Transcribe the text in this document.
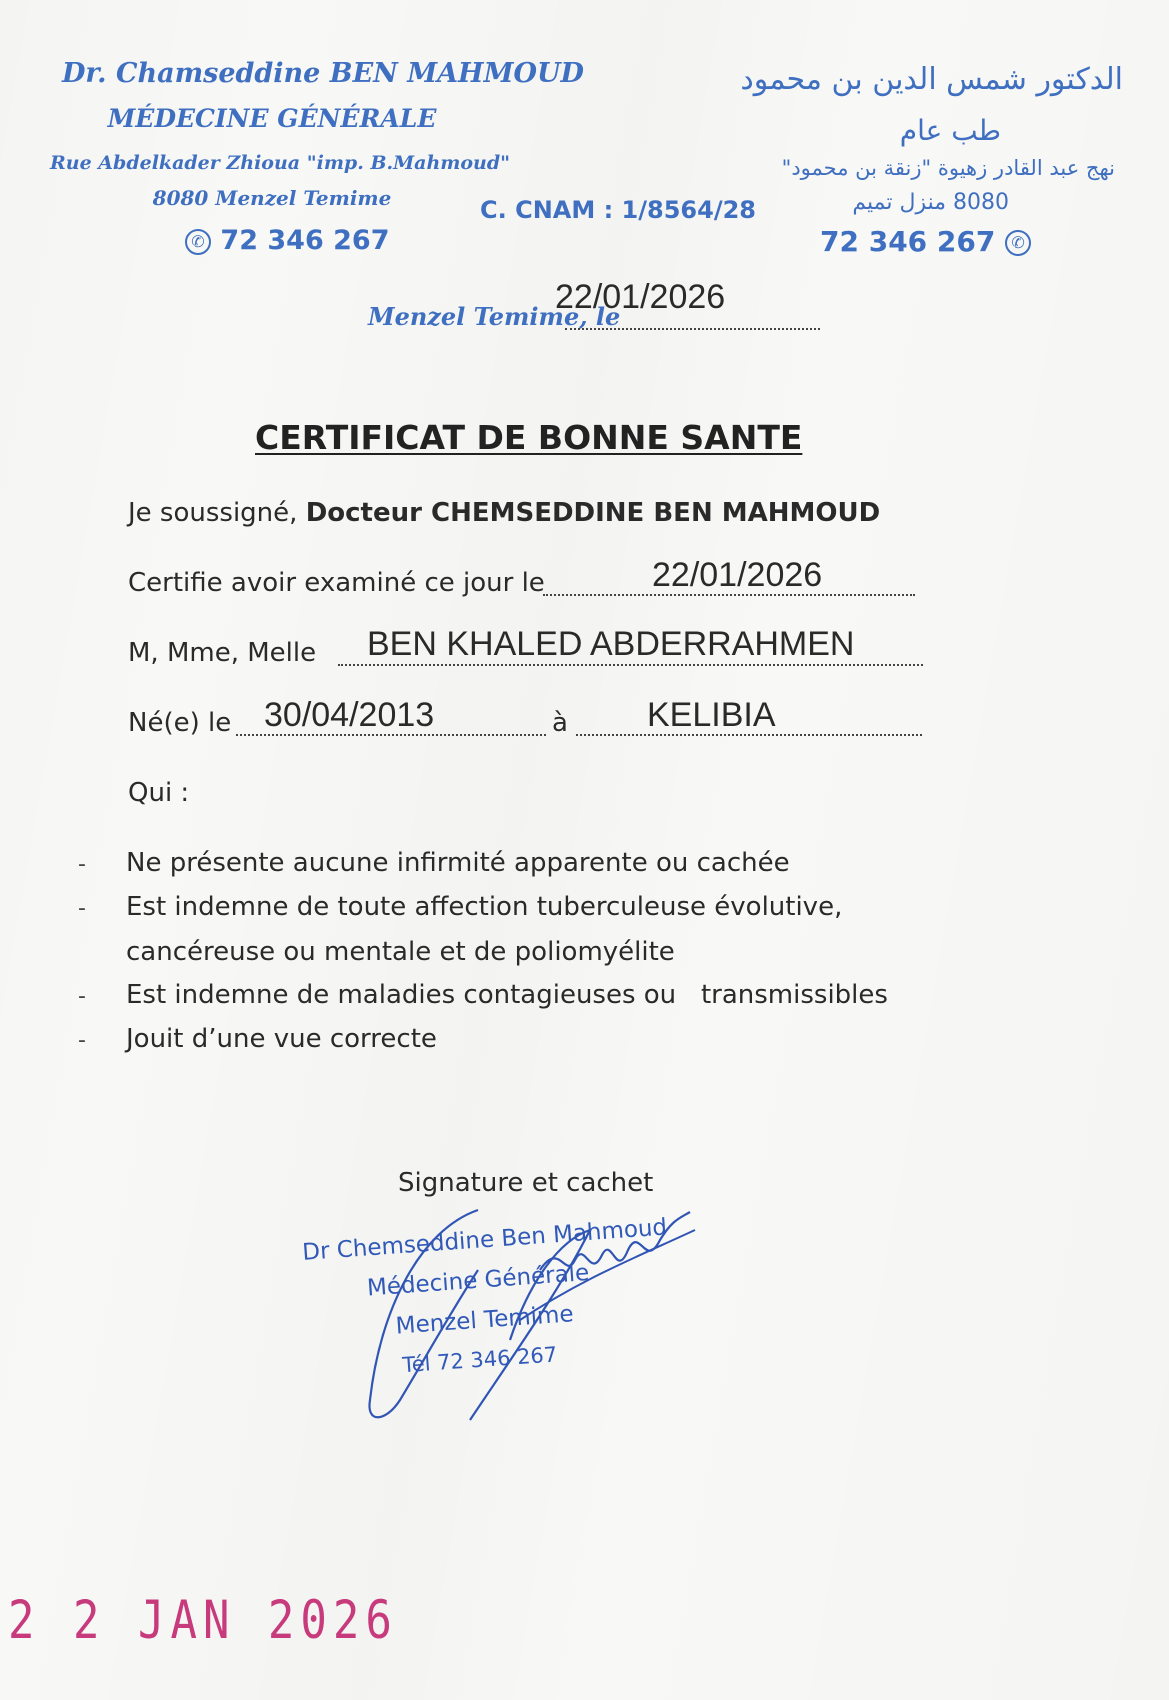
Dr. Chamseddine BEN MAHMOUD
MÉDECINE GÉNÉRALE
Rue Abdelkader Zhioua "imp. B.Mahmoud"
8080 Menzel Temime
✆ 72 346 267
C. CNAM : 1/8564/28
الدكتور شمس الدين بن محمود
طب عام
نهج عبد القادر زهيوة "زنقة بن محمود"
8080 منزل تميم
72 346 267 ✆
Menzel Temime, le
22/01/2026
CERTIFICAT DE BONNE SANTE
Je soussigné, Docteur CHEMSEDDINE BEN MAHMOUD
Certifie avoir examiné ce jour le	22/01/2026
M, Mme, Melle BEN KHALED ABDERRAHMEN
Né(e) le 30/04/2013	à KELIBIA
Qui :
- Ne présente aucune infirmité apparente ou cachée
- Est indemne de toute affection tuberculeuse évolutive,
cancéreuse ou mentale et de poliomyélite
- Est indemne de maladies contagieuses ou   transmissibles
- Jouit d’une vue correcte
Signature et cachet
Dr Chemseddine Ben Mahmoud
Médecine Générale
Menzel Temime
Tél 72 346 267
2 2 JAN 2026
